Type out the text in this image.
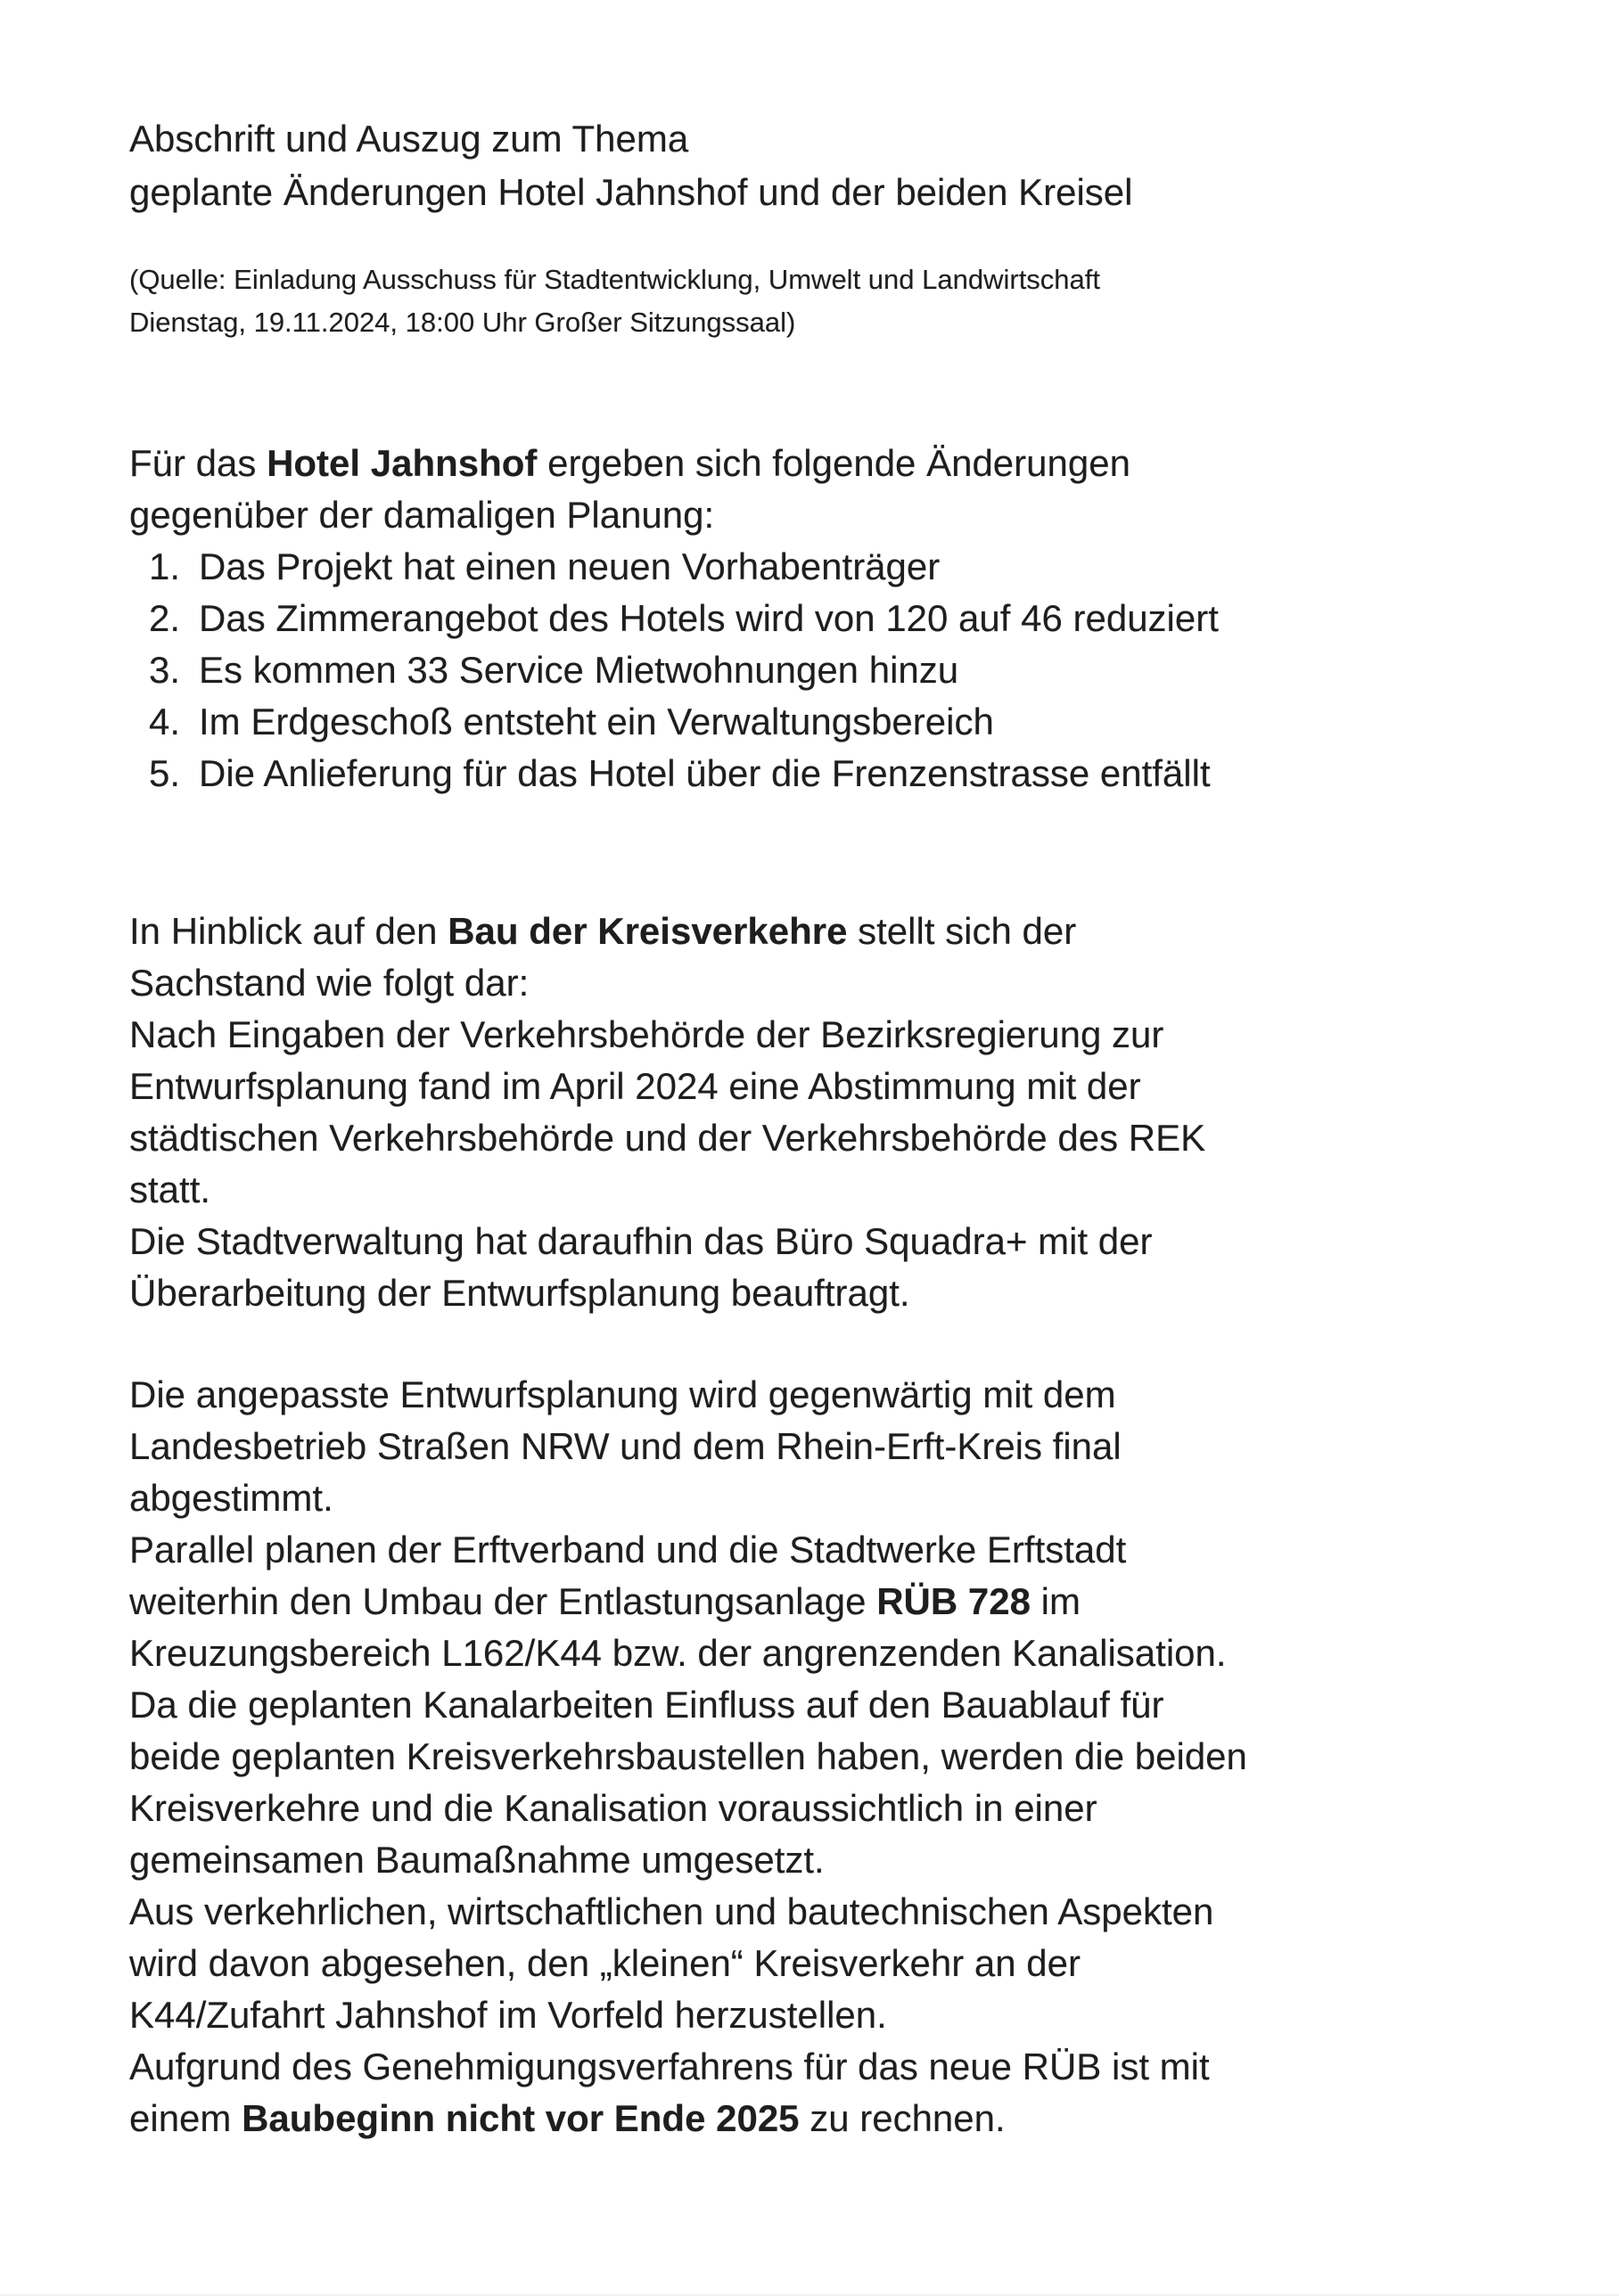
Abschrift und Auszug zum Thema
geplante Änderungen Hotel Jahnshof und der beiden Kreisel
(Quelle: Einladung Ausschuss für Stadtentwicklung, Umwelt und Landwirtschaft
Dienstag, 19.11.2024, 18:00 Uhr Großer Sitzungssaal)
Für das Hotel Jahnshof ergeben sich folgende Änderungen
gegenüber der damaligen Planung:
1. Das Projekt hat einen neuen Vorhabenträger
2. Das Zimmerangebot des Hotels wird von 120 auf 46 reduziert
3. Es kommen 33 Service Mietwohnungen hinzu
4. Im Erdgeschoß entsteht ein Verwaltungsbereich
5. Die Anlieferung für das Hotel über die Frenzenstrasse entfällt
In Hinblick auf den Bau der Kreisverkehre stellt sich der
Sachstand wie folgt dar:
Nach Eingaben der Verkehrsbehörde der Bezirksregierung zur
Entwurfsplanung fand im April 2024 eine Abstimmung mit der
städtischen Verkehrsbehörde und der Verkehrsbehörde des REK
statt.
Die Stadtverwaltung hat daraufhin das Büro Squadra+ mit der
Überarbeitung der Entwurfsplanung beauftragt.
Die angepasste Entwurfsplanung wird gegenwärtig mit dem
Landesbetrieb Straßen NRW und dem Rhein-Erft-Kreis final
abgestimmt.
Parallel planen der Erftverband und die Stadtwerke Erftstadt
weiterhin den Umbau der Entlastungsanlage RÜB 728 im
Kreuzungsbereich L162/K44 bzw. der angrenzenden Kanalisation.
Da die geplanten Kanalarbeiten Einfluss auf den Bauablauf für
beide geplanten Kreisverkehrsbaustellen haben, werden die beiden
Kreisverkehre und die Kanalisation voraussichtlich in einer
gemeinsamen Baumaßnahme umgesetzt.
Aus verkehrlichen, wirtschaftlichen und bautechnischen Aspekten
wird davon abgesehen, den „kleinen“ Kreisverkehr an der
K44/Zufahrt Jahnshof im Vorfeld herzustellen.
Aufgrund des Genehmigungsverfahrens für das neue RÜB ist mit
einem Baubeginn nicht vor Ende 2025 zu rechnen.
